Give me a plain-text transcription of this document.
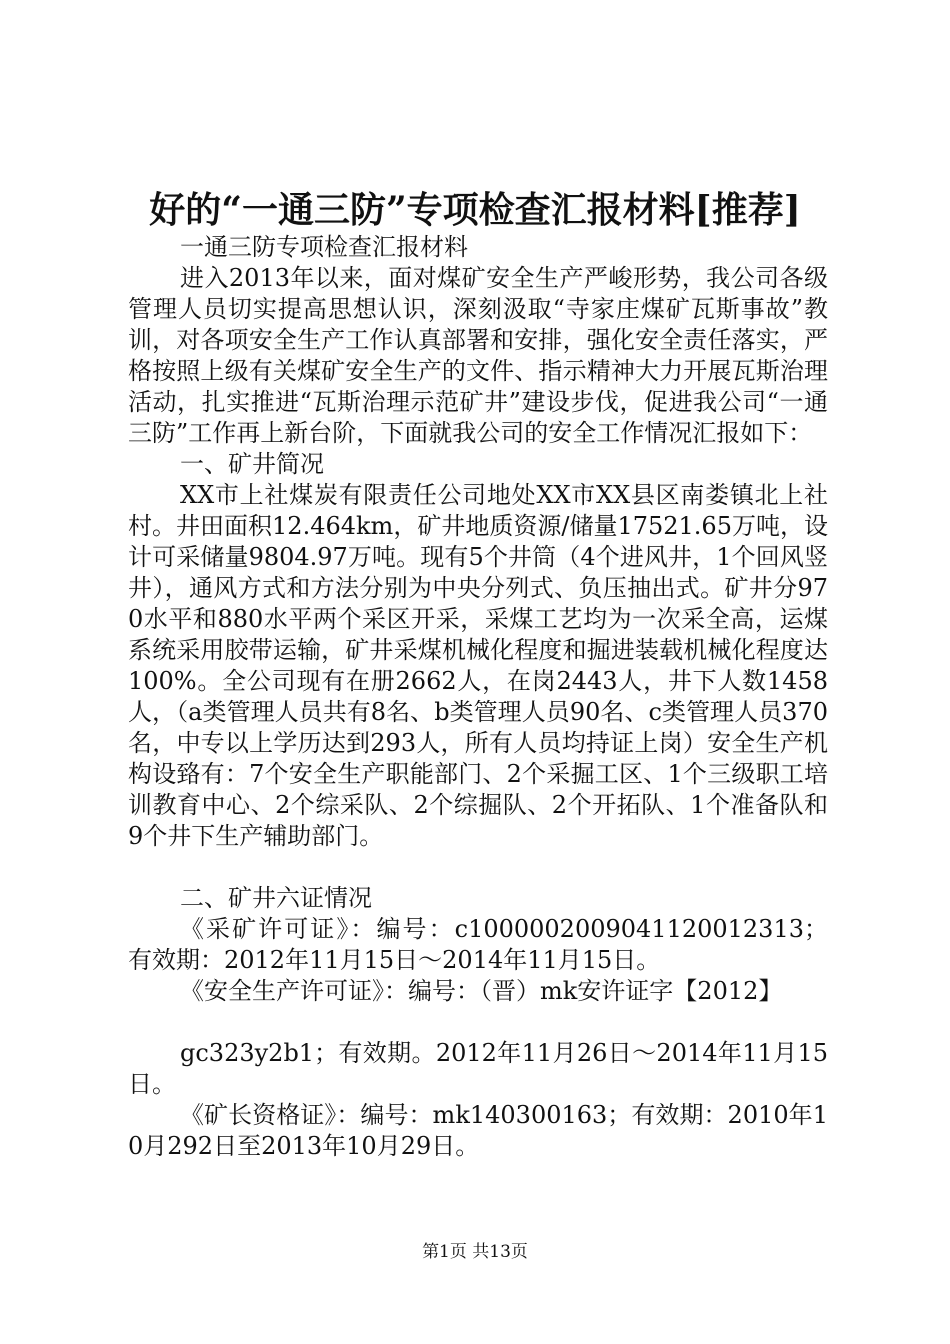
好的“一通三防”专项检查汇报材料[推荐]

一通三防专项检查汇报材料

进入2013年以来，面对煤矿安全生产严峻形势，我公司各级管理人员切实提高思想认识，深刻汲取“寺家庄煤矿瓦斯事故”教训，对各项安全生产工作认真部署和安排，强化安全责任落实，严格按照上级有关煤矿安全生产的文件、指示精神大力开展瓦斯治理活动，扎实推进“瓦斯治理示范矿井”建设步伐，促进我公司“一通三防”工作再上新台阶，下面就我公司的安全工作情况汇报如下：

一、矿井简况

XX市上社煤炭有限责任公司地处XX市XX县区南娄镇北上社村。井田面积12.464km，矿井地质资源/储量17521.65万吨，设计可采储量9804.97万吨。现有5个井筒（4个进风井，1个回风竖井），通风方式和方法分别为中央分列式、负压抽出式。矿井分970水平和880水平两个采区开采，采煤工艺均为一次采全高，运煤系统采用胶带运输，矿井采煤机械化程度和掘进装载机械化程度达100%。全公司现有在册2662人，在岗2443人，井下人数1458人，（a类管理人员共有8名、b类管理人员90名、c类管理人员370名，中专以上学历达到293人，所有人员均持证上岗）安全生产机构设臵有：7个安全生产职能部门、2个采掘工区、1个三级职工培训教育中心、2个综采队、2个综掘队、2个开拓队、1个准备队和9个井下生产辅助部门。

二、矿井六证情况

《采矿许可证》：编号：c1000002009041120012313；有效期：2012年11月15日～2014年11月15日。

《安全生产许可证》：编号：（晋）mk安许证字【2012】

gc323y2b1；有效期。2012年11月26日～2014年11月15日。

《矿长资格证》：编号：mk140300163；有效期：2010年10月292日至2013年10月29日。

第1页 共13页
